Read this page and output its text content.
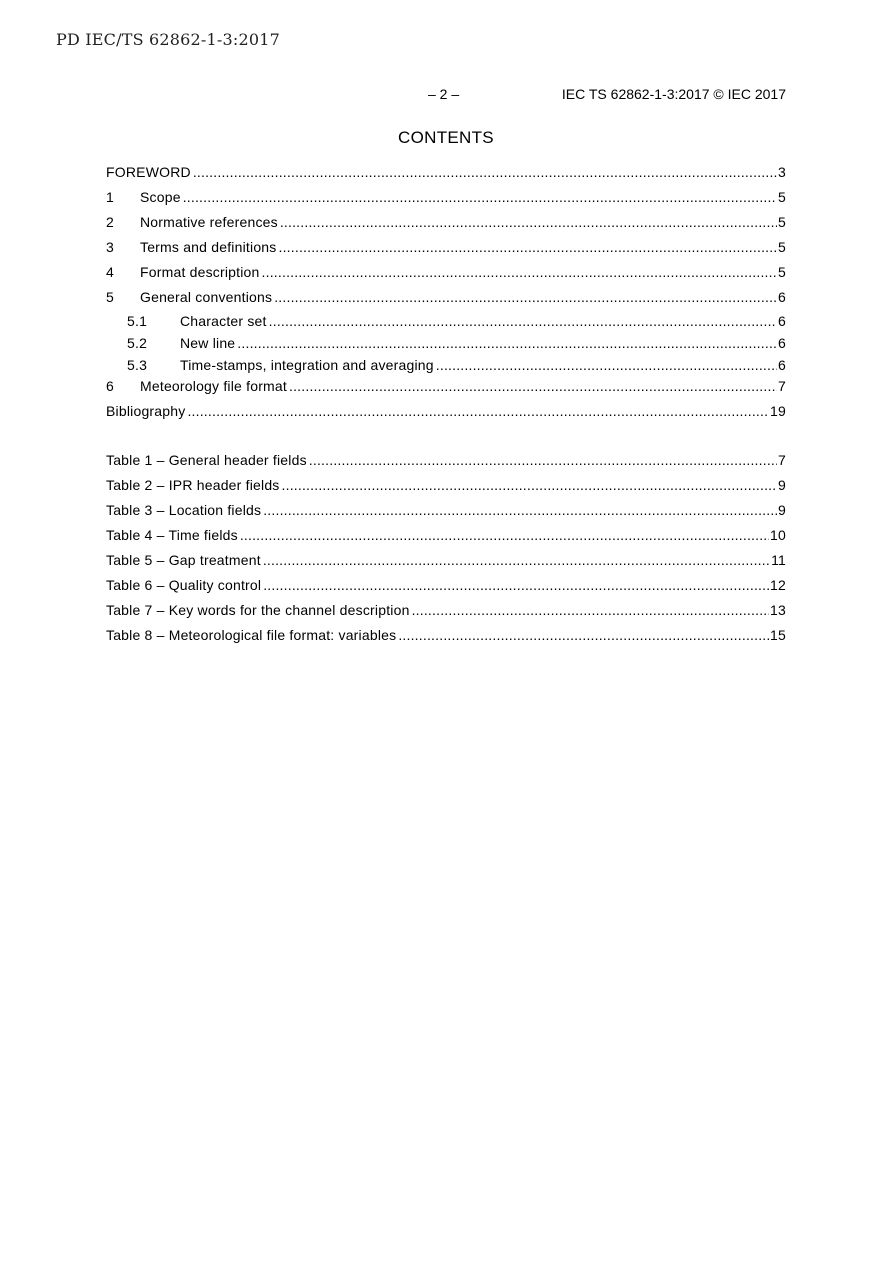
PD IEC/TS 62862-1-3:2017
– 2 –	IEC TS 62862-1-3:2017 © IEC 2017
CONTENTS
FOREWORD .....	3
1	Scope .....	5
2	Normative references .....	5
3	Terms and definitions .....	5
4	Format description .....	5
5	General conventions .....	6
5.1	Character set .....	6
5.2	New line .....	6
5.3	Time-stamps, integration and averaging .....	6
6	Meteorology file format .....	7
Bibliography .....	19
Table 1 – General header fields .....	7
Table 2 – IPR header fields .....	9
Table 3 – Location fields .....	9
Table 4 – Time fields .....	10
Table 5 – Gap treatment .....	11
Table 6 – Quality control .....	12
Table 7 – Key words for the channel description .....	13
Table 8 – Meteorological file format: variables .....	15
